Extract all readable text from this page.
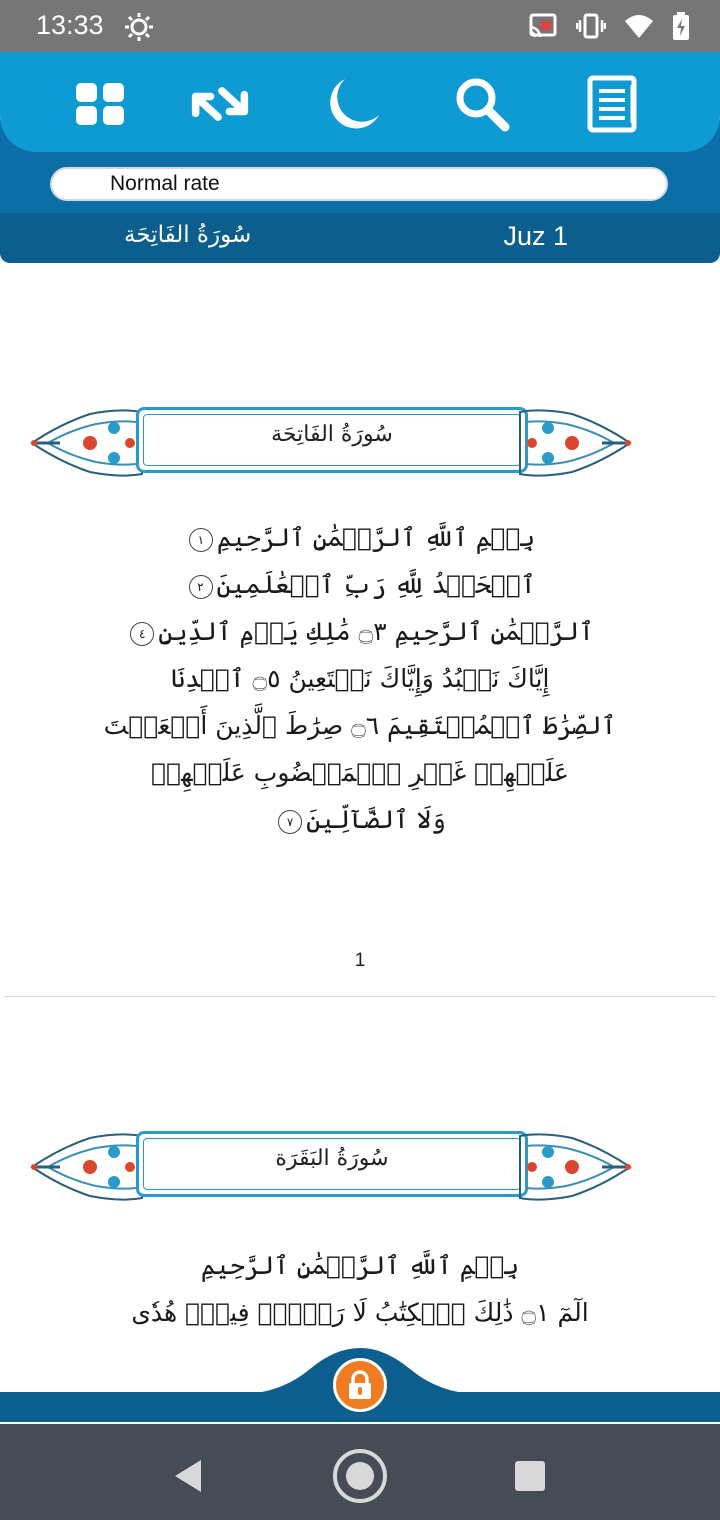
13:33
Normal rate
سُورَةُ الفَاتِحَة	Juz 1
سُورَةُ الفَاتِحَة
بِسۡمِ ٱللَّهِ ٱلرَّحۡمَٰنِ ٱلرَّحِيمِ١
ٱلۡحَمۡدُ لِلَّهِ رَبِّ ٱلۡعَٰلَمِينَ٢
ٱلرَّحۡمَٰنِ ٱلرَّحِيمِ ۝٣ مَٰلِكِ يَوۡمِ ٱلدِّينِ٤
إِيَّاكَ نَعۡبُدُ وَإِيَّاكَ نَسۡتَعِينُ ۝٥ ٱهۡدِنَا
ٱلصِّرَٰطَ ٱلۡمُسۡتَقِيمَ ۝٦ صِرَٰطَ ٱلَّذِينَ أَنۡعَمۡتَ
عَلَيۡهِمۡ غَيۡرِ ٱلۡمَغۡضُوبِ عَلَيۡهِمۡ
وَلَا ٱلضَّآلِّينَ٧
1
سُورَةُ البَقَرَة
بِسۡمِ ٱللَّهِ ٱلرَّحۡمَٰنِ ٱلرَّحِيمِ
الٓمٓ ۝١ ذَٰلِكَ ٱلۡكِتَٰبُ لَا رَيۡبَۛ فِيهِۛ هُدٗى
